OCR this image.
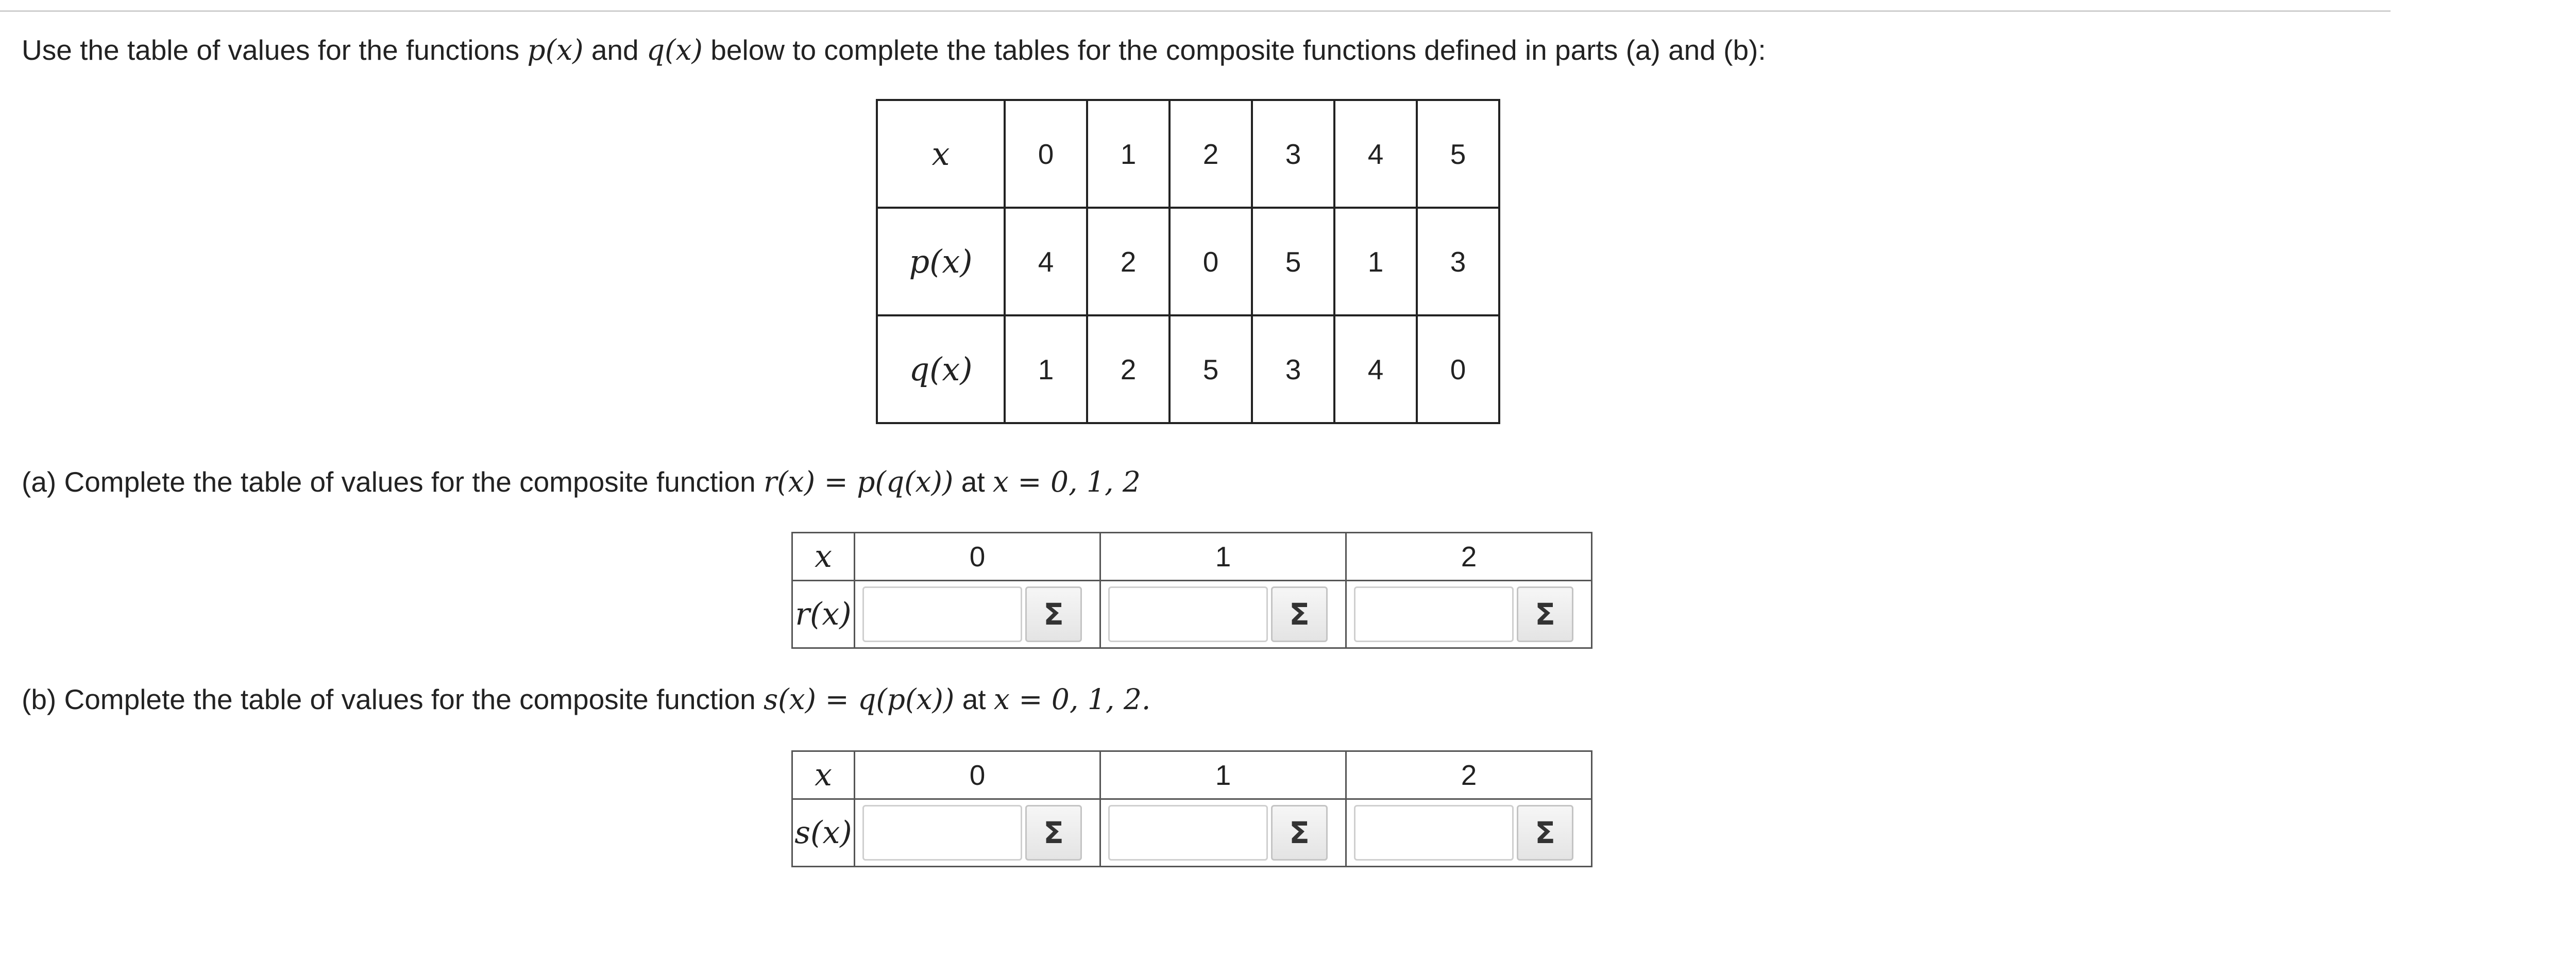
Use the table of values for the functions p(x) and q(x) below to complete the tables for the composite functions defined in parts (a) and (b):
x	0	1	2	3	4	5
p(x)	4	2	0	5	1	3
q(x)	1	2	5	3	4	0
(a) Complete the table of values for the composite function r(x) = p(q(x)) at x = 0, 1, 2
x	0	1	2
r(x)	Σ	Σ	Σ
(b) Complete the table of values for the composite function s(x) = q(p(x)) at x = 0, 1, 2.
x	0	1	2
s(x)	Σ	Σ	Σ
